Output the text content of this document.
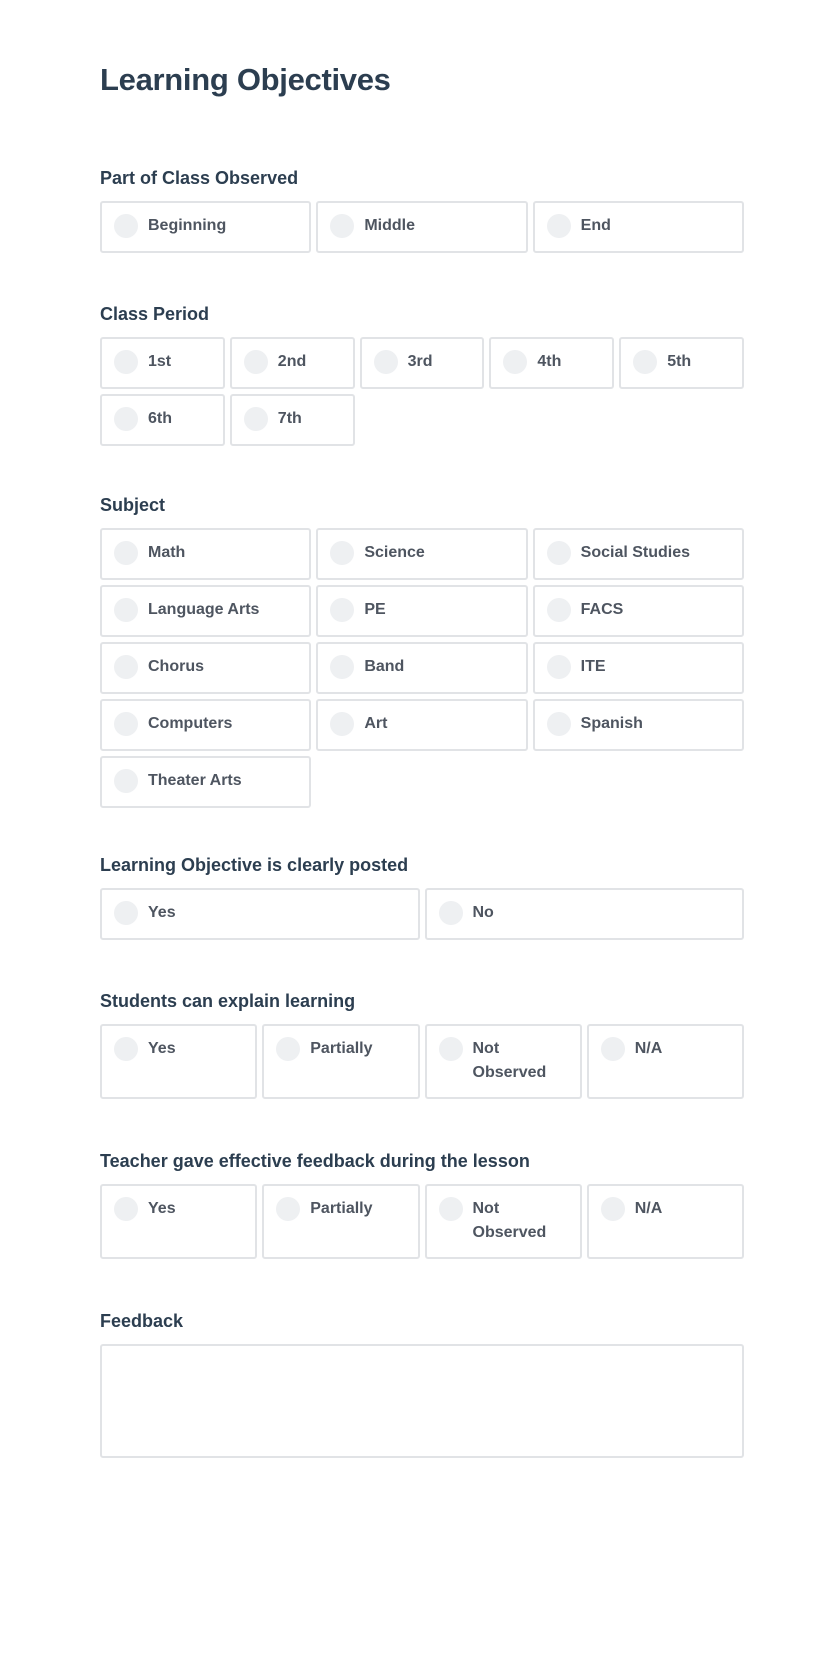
Learning Objectives
Part of Class Observed
Beginning	Middle	End
Class Period
1st	2nd	3rd	4th	5th
6th	7th
Subject
Math	Science	Social Studies
Language Arts	PE	FACS
Chorus	Band	ITE
Computers	Art	Spanish
Theater Arts
Learning Objective is clearly posted
Yes	No
Students can explain learning
Yes	Partially	Not Observed
N/A
Teacher gave effective feedback during the lesson
Yes	Partially	Not Observed
N/A
Feedback
